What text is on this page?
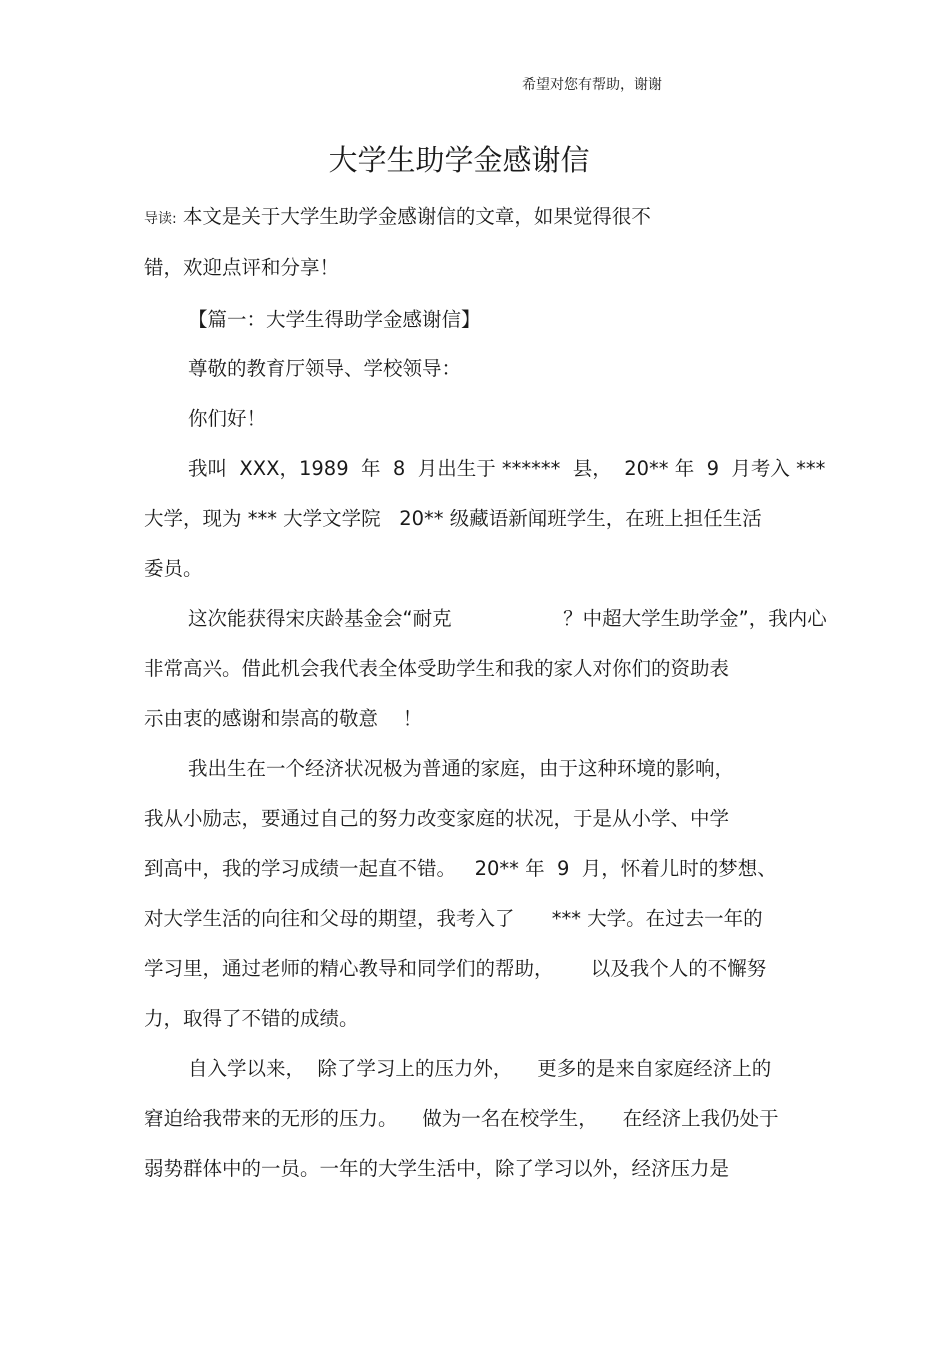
希望对您有帮助，谢谢
大学生助学金感谢信
导读: 本文是关于大学生助学金感谢信的文章，如果觉得很不
错，欢迎点评和分享！
【篇一：大学生得助学金感谢信】
尊敬的教育厅领导、学校领导：
你们好！
我叫  XXX，1989  年  8  月出生于 ******  县，  20** 年  9  月考入 ***
大学，现为 *** 大学文学院   20** 级藏语新闻班学生，在班上担任生活
委员。
这次能获得宋庆龄基金会“耐克                  ？中超大学生助学金”，我内心
非常高兴。借此机会我代表全体受助学生和我的家人对你们的资助表
示由衷的感谢和崇高的敬意    ！
我出生在一个经济状况极为普通的家庭，由于这种环境的影响，
我从小励志，要通过自己的努力改变家庭的状况，于是从小学、中学
到高中，我的学习成绩一起直不错。   20** 年  9  月，怀着儿时的梦想、
对大学生活的向往和父母的期望，我考入了      *** 大学。在过去一年的
学习里，通过老师的精心教导和同学们的帮助，      以及我个人的不懈努
力，取得了不错的成绩。
自入学以来，  除了学习上的压力外，    更多的是来自家庭经济上的
窘迫给我带来的无形的压力。    做为一名在校学生，    在经济上我仍处于
弱势群体中的一员。一年的大学生活中，除了学习以外，经济压力是
